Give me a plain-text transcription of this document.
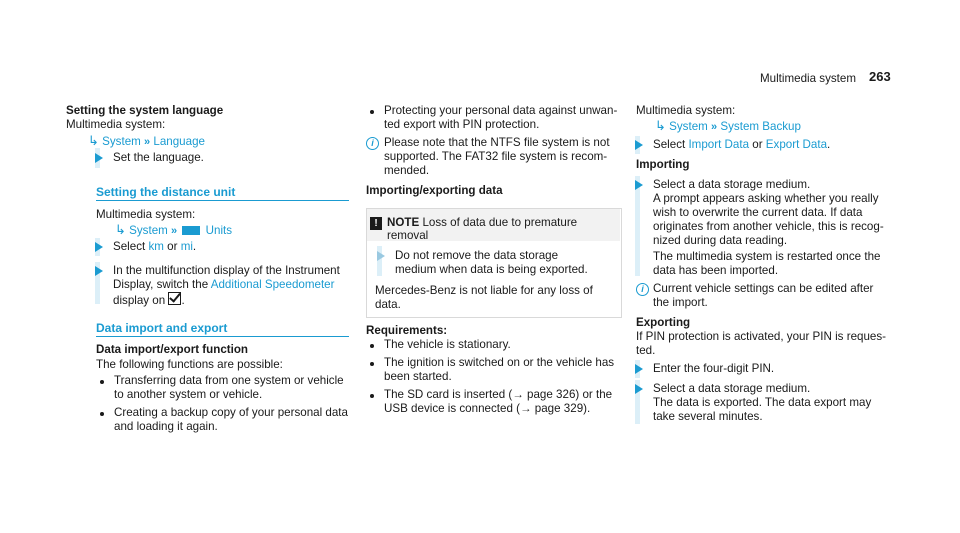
Multimedia system 263
Setting the system language
Multimedia system:
↳ System » Language
Set the language.
Setting the distance unit
Multimedia system:
↳ System » Units
Select km or mi.
In the multifunction display of the Instrument
Display, switch the Additional Speedometer
display on .
Data import and export
Data import/export function
The following functions are possible:
Transferring data from one system or vehicle
to another system or vehicle.
Creating a backup copy of your personal data
and loading it again.
Protecting your personal data against unwan-
ted export with PIN protection.
i Please note that the NTFS file system is not
supported. The FAT32 file system is recom-
mended.
Importing/exporting data
! NOTE Loss of data due to premature
removal
Do not remove the data storage
medium when data is being exported.
Mercedes-Benz is not liable for any loss of
data.
Requirements:
The vehicle is stationary.
The ignition is switched on or the vehicle has
been started.
The SD card is inserted (→ page 326) or the
USB device is connected (→ page 329).
Multimedia system:
↳ System » System Backup
Select Import Data or Export Data.
Importing
Select a data storage medium.
A prompt appears asking whether you really
wish to overwrite the current data. If data
originates from another vehicle, this is recog-
nized during data reading.
The multimedia system is restarted once the
data has been imported.
i Current vehicle settings can be edited after
the import.
Exporting
If PIN protection is activated, your PIN is reques-
ted.
Enter the four-digit PIN.
Select a data storage medium.
The data is exported. The data export may
take several minutes.
